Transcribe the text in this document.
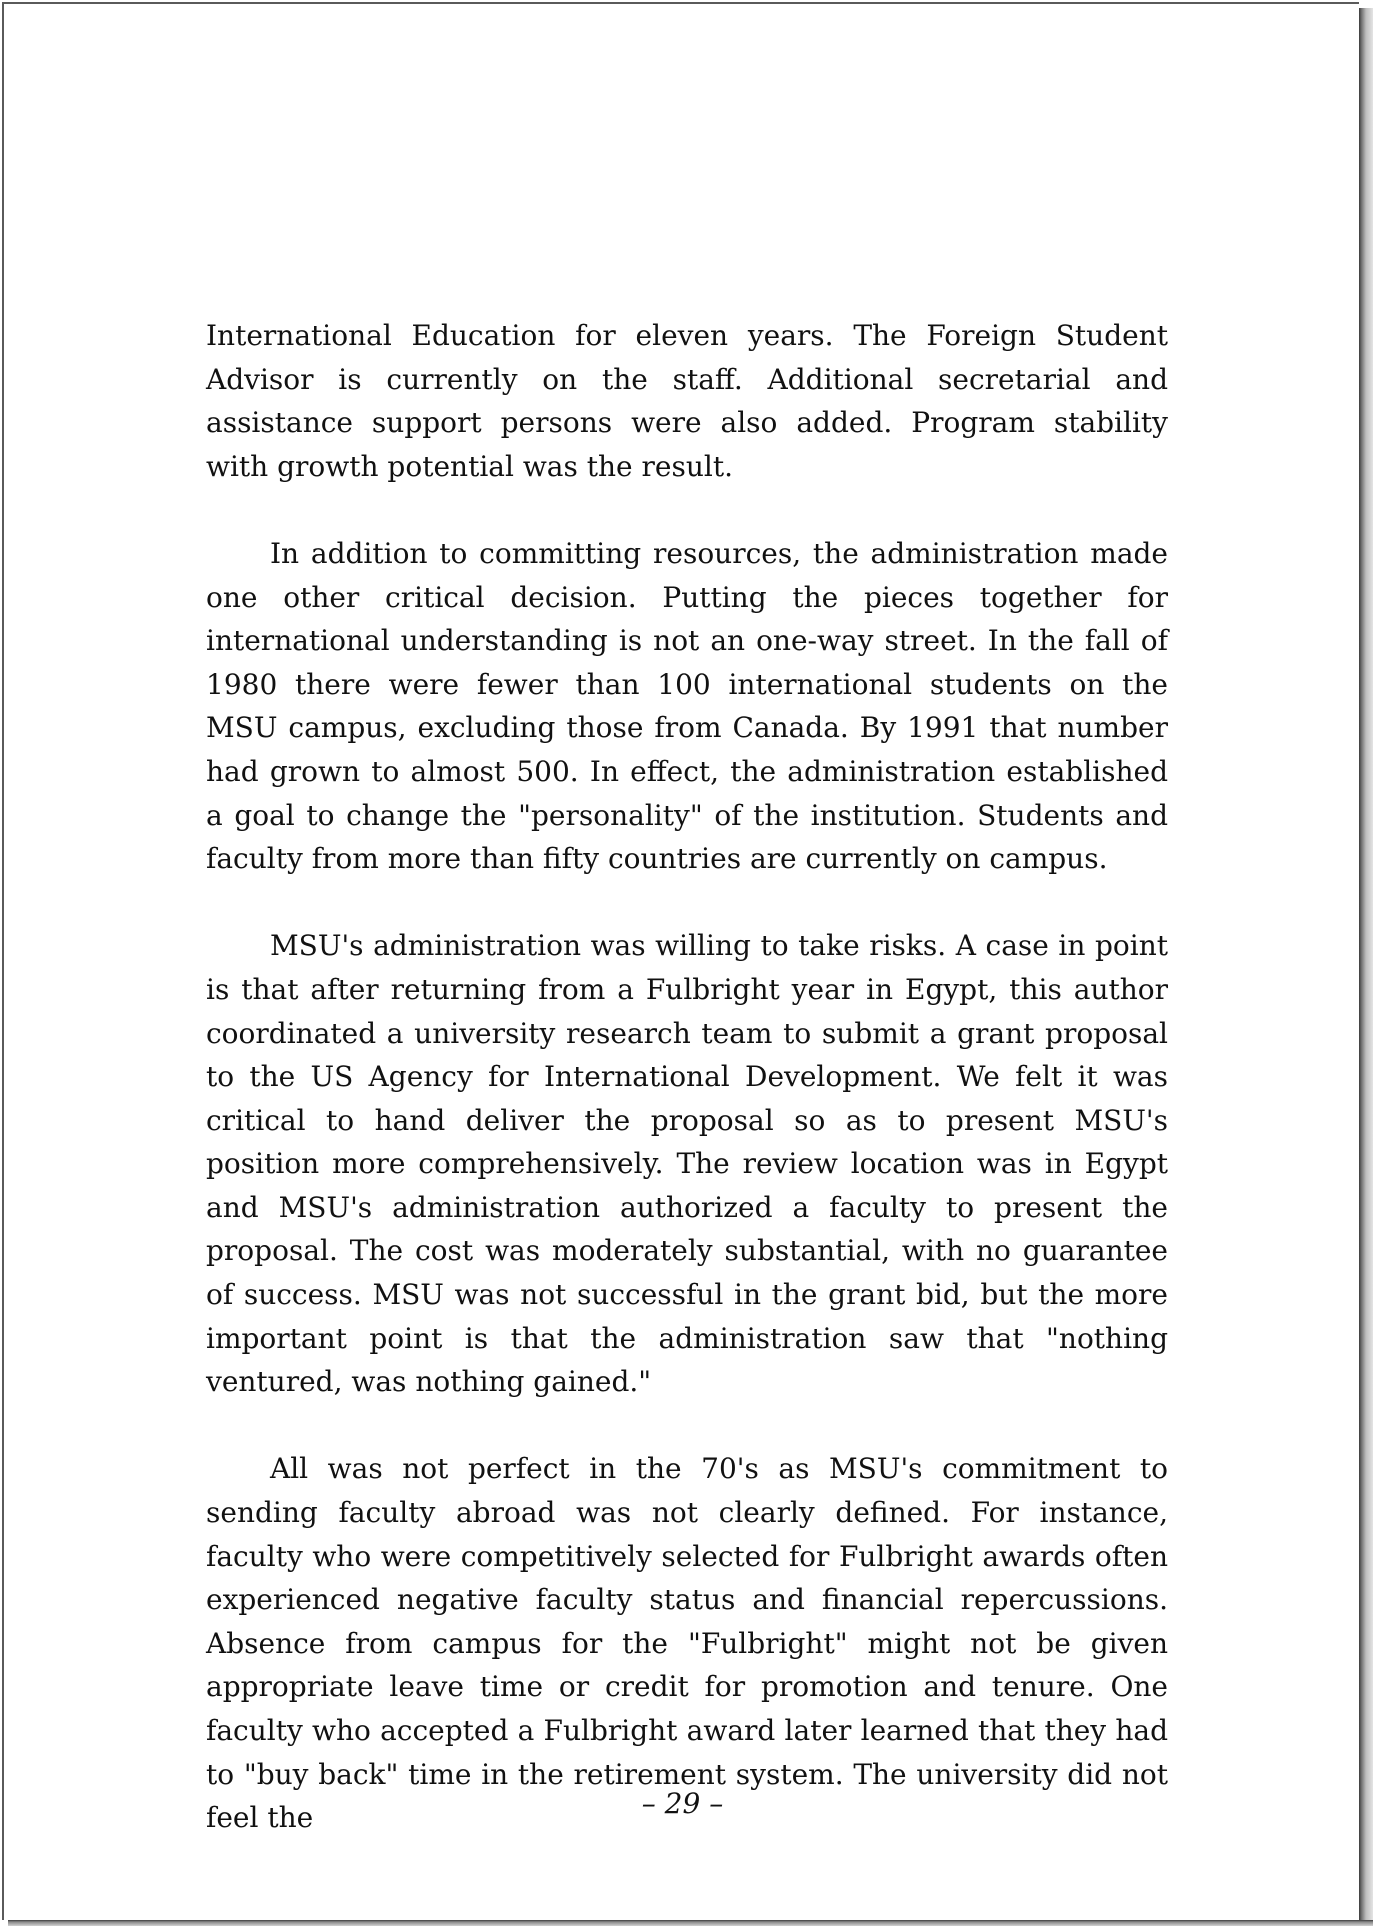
International Education for eleven years. The Foreign Student Advisor is currently on the staff. Additional secretarial and assistance support persons were also added. Program stability with growth potential was the result.

In addition to committing resources, the administration made one other critical decision. Putting the pieces together for international understanding is not an one-way street. In the fall of 1980 there were fewer than 100 international students on the MSU campus, excluding those from Canada. By 1991 that number had grown to almost 500. In effect, the administration established a goal to change the "personality" of the institution. Students and faculty from more than fifty countries are currently on campus.

MSU's administration was willing to take risks. A case in point is that after returning from a Fulbright year in Egypt, this author coordinated a university research team to submit a grant proposal to the US Agency for International Development. We felt it was critical to hand deliver the proposal so as to present MSU's position more comprehensively. The review location was in Egypt and MSU's administration authorized a faculty to present the proposal. The cost was moderately substantial, with no guarantee of success. MSU was not successful in the grant bid, but the more important point is that the administration saw that "nothing ventured, was nothing gained."

All was not perfect in the 70's as MSU's commitment to sending faculty abroad was not clearly defined. For instance, faculty who were competitively selected for Fulbright awards often experienced negative faculty status and financial repercussions. Absence from campus for the "Fulbright" might not be given appropriate leave time or credit for promotion and tenure. One faculty who accepted a Fulbright award later learned that they had to "buy back" time in the retirement system. The university did not feel the	– 29 –
